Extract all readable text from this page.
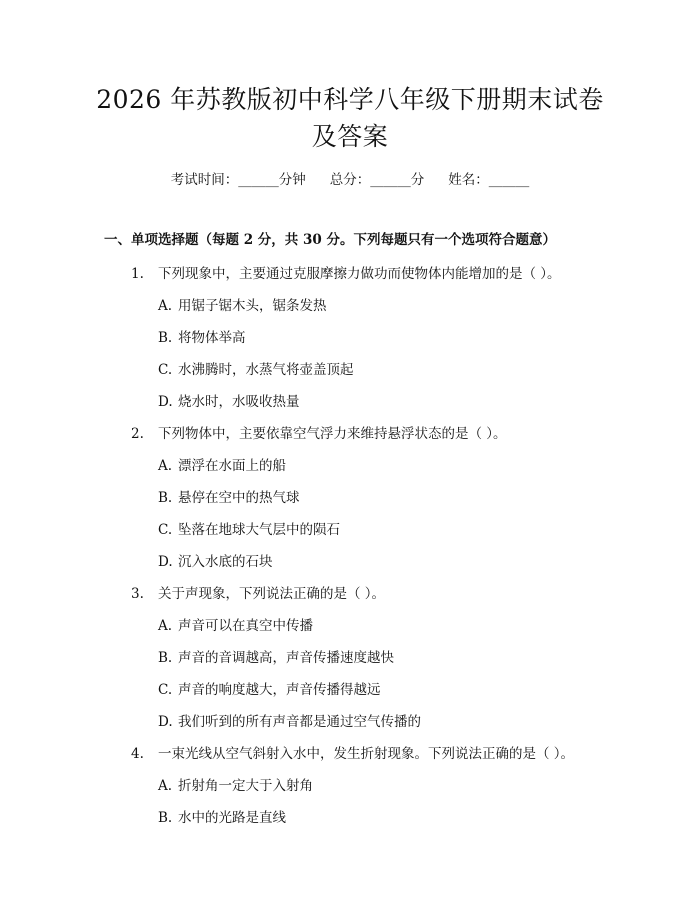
2026 年苏教版初中科学八年级下册期末试卷
及答案
考试时间：______分钟 总分：______分 姓名：______
一、单项选择题（每题 2 分，共 30 分。下列每题只有一个选项符合题意）
1. 下列现象中，主要通过克服摩擦力做功而使物体内能增加的是（ ）。
A. 用锯子锯木头，锯条发热
B. 将物体举高
C. 水沸腾时，水蒸气将壶盖顶起
D. 烧水时，水吸收热量
2. 下列物体中，主要依靠空气浮力来维持悬浮状态的是（ ）。
A. 漂浮在水面上的船
B. 悬停在空中的热气球
C. 坠落在地球大气层中的陨石
D. 沉入水底的石块
3. 关于声现象，下列说法正确的是（ ）。
A. 声音可以在真空中传播
B. 声音的音调越高，声音传播速度越快
C. 声音的响度越大，声音传播得越远
D. 我们听到的所有声音都是通过空气传播的
4. 一束光线从空气斜射入水中，发生折射现象。下列说法正确的是（ ）。
A. 折射角一定大于入射角
B. 水中的光路是直线
